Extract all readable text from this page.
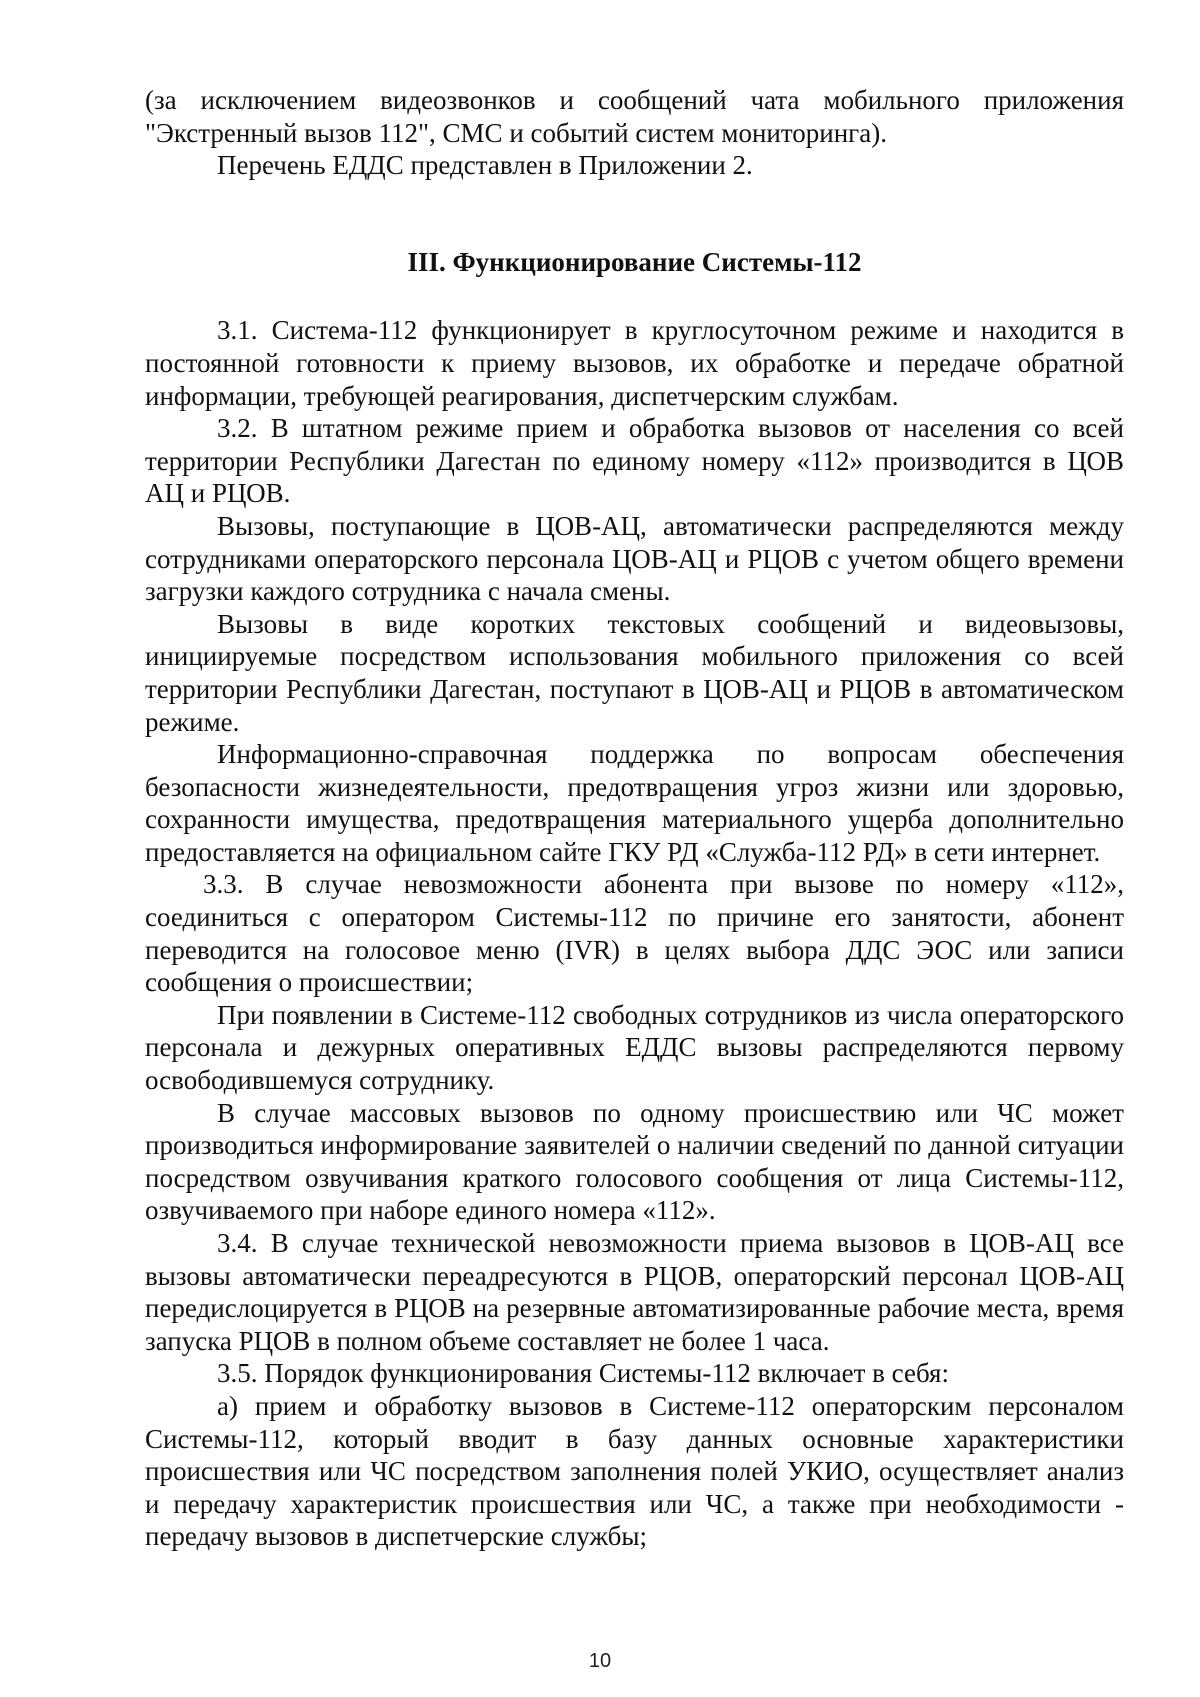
(за исключением видеозвонков и сообщений чата мобильного приложения "Экстренный вызов 112", СМС и событий систем мониторинга).

Перечень ЕДДС представлен в Приложении 2.

III. Функционирование Системы-112

3.1. Система-112 функционирует в круглосуточном режиме и находится в постоянной готовности к приему вызовов, их обработке и передаче обратной информации, требующей реагирования, диспетчерским службам.

3.2. В штатном режиме прием и обработка вызовов от населения со всей территории Республики Дагестан по единому номеру «112» производится в ЦОВ АЦ и РЦОВ.

Вызовы, поступающие в ЦОВ-АЦ, автоматически распределяются между сотрудниками операторского персонала ЦОВ-АЦ и РЦОВ с учетом общего времени загрузки каждого сотрудника с начала смены.

Вызовы в виде коротких текстовых сообщений и видеовызовы, инициируемые посредством использования мобильного приложения со всей территории Республики Дагестан, поступают в ЦОВ-АЦ и РЦОВ в автоматическом режиме.

Информационно-справочная поддержка по вопросам обеспечения безопасности жизнедеятельности, предотвращения угроз жизни или здоровью, сохранности имущества, предотвращения материального ущерба дополнительно предоставляется на официальном сайте ГКУ РД «Служба-112 РД» в сети интернет.

3.3. В случае невозможности абонента при вызове по номеру «112», соединиться с оператором Системы-112 по причине его занятости, абонент переводится на голосовое меню (IVR) в целях выбора ДДС ЭОС или записи сообщения о происшествии;

При появлении в Системе-112 свободных сотрудников из числа операторского персонала и дежурных оперативных ЕДДС вызовы распределяются первому освободившемуся сотруднику.

В случае массовых вызовов по одному происшествию или ЧС может производиться информирование заявителей о наличии сведений по данной ситуации посредством озвучивания краткого голосового сообщения от лица Системы-112, озвучиваемого при наборе единого номера «112».

3.4. В случае технической невозможности приема вызовов в ЦОВ-АЦ все вызовы автоматически переадресуются в РЦОВ, операторский персонал ЦОВ-АЦ передислоцируется в РЦОВ на резервные автоматизированные рабочие места, время запуска РЦОВ в полном объеме составляет не более 1 часа.

3.5. Порядок функционирования Системы-112 включает в себя:

а) прием и обработку вызовов в Системе-112 операторским персоналом Системы-112, который вводит в базу данных основные характеристики происшествия или ЧС посредством заполнения полей УКИО, осуществляет анализ и передачу характеристик происшествия или ЧС, а также при необходимости - передачу вызовов в диспетчерские службы;

10
